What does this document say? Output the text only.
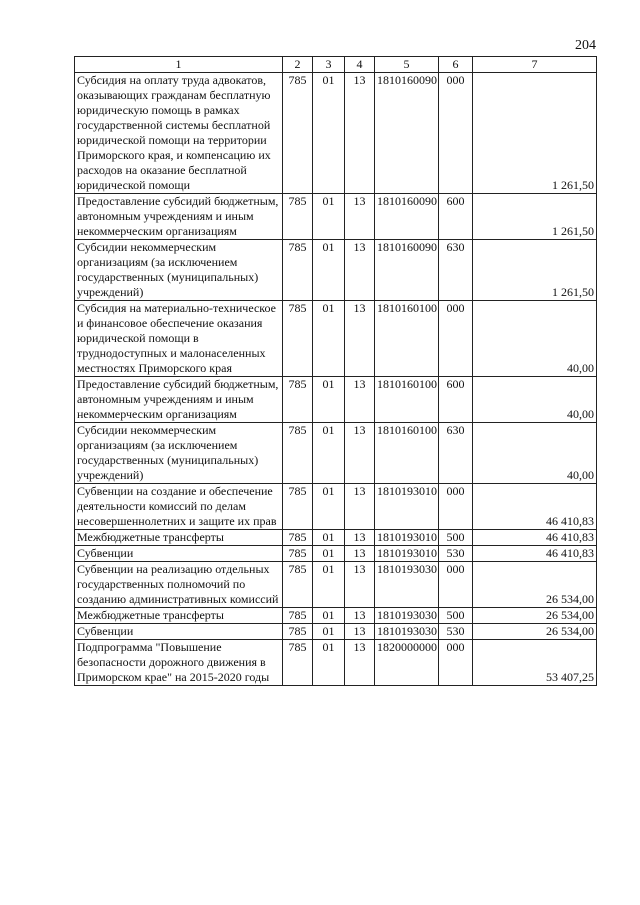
204
1	2	3	4	5	6	7
Субсидия на оплату труда адвокатов, оказывающих гражданам бесплатную юридическую помощь в рамках государственной системы бесплатной юридической помощи на территории Приморского края, и компенсацию их расходов на оказание бесплатной юридической помощи	785	01	13	1810160090	000	1 261,50
Предоставление субсидий бюджетным, автономным учреждениям и иным некоммерческим организациям	785	01	13	1810160090	600	1 261,50
Субсидии некоммерческим организациям (за исключением государственных (муниципальных) учреждений)	785	01	13	1810160090	630	1 261,50
Субсидия на материально-техническое и финансовое обеспечение оказания юридической помощи в труднодоступных и малонаселенных местностях Приморского края	785	01	13	1810160100	000	40,00
Предоставление субсидий бюджетным, автономным учреждениям и иным некоммерческим организациям	785	01	13	1810160100	600	40,00
Субсидии некоммерческим организациям (за исключением государственных (муниципальных) учреждений)	785	01	13	1810160100	630	40,00
Субвенции на создание и обеспечение деятельности комиссий по делам несовершеннолетних и защите их прав	785	01	13	1810193010	000	46 410,83
Межбюджетные трансферты	785	01	13	1810193010	500	46 410,83
Субвенции	785	01	13	1810193010	530	46 410,83
Субвенции на реализацию отдельных государственных полномочий по созданию административных комиссий	785	01	13	1810193030	000	26 534,00
Межбюджетные трансферты	785	01	13	1810193030	500	26 534,00
Субвенции	785	01	13	1810193030	530	26 534,00
Подпрограмма "Повышение безопасности дорожного движения в Приморском крае" на 2015-2020 годы	785	01	13	1820000000	000	53 407,25
